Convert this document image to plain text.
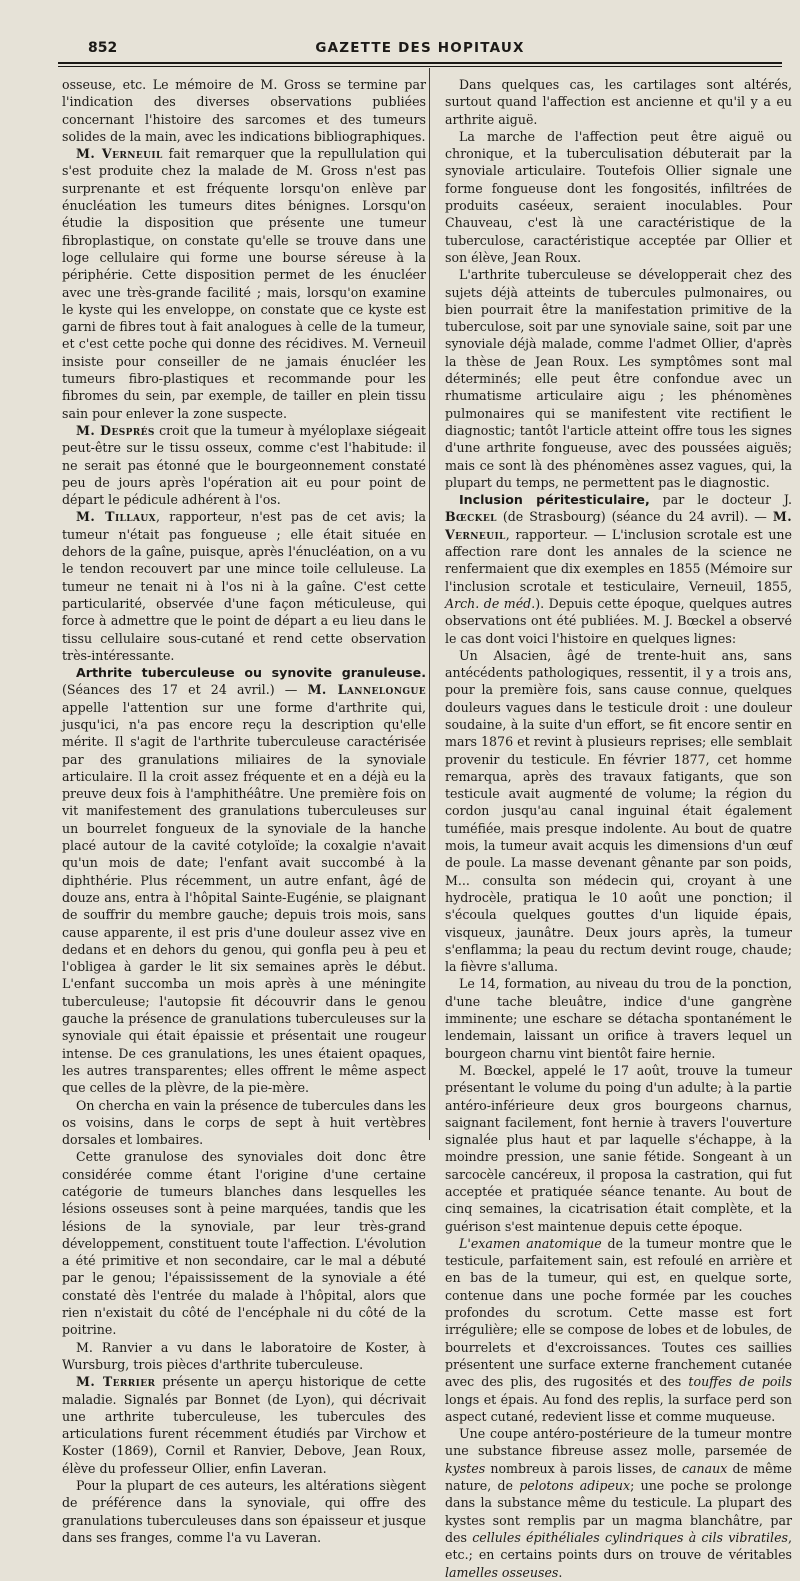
852	GAZETTE DES HOPITAUX

osseuse, etc. Le mémoire de M. Gross se termine par l'indication des diverses observations publiées concernant l'histoire des sarcomes et des tumeurs solides de la main, avec les indications bibliographiques.

M. Verneuil fait remarquer que la repullulation qui s'est produite chez la malade de M. Gross n'est pas surprenante et est fréquente lorsqu'on enlève par énucléation les tumeurs dites bénignes. Lorsqu'on étudie la disposition que présente une tumeur fibroplastique, on constate qu'elle se trouve dans une loge cellulaire qui forme une bourse séreuse à la périphérie. Cette disposition permet de les énucléer avec une très-grande facilité ; mais, lorsqu'on examine le kyste qui les enveloppe, on constate que ce kyste est garni de fibres tout à fait analogues à celle de la tumeur, et c'est cette poche qui donne des récidives. M. Verneuil insiste pour conseiller de ne jamais énucléer les tumeurs fibro-plastiques et recommande pour les fibromes du sein, par exemple, de tailler en plein tissu sain pour enlever la zone suspecte.

M. Després croit que la tumeur à myéloplaxe siégeait peut-être sur le tissu osseux, comme c'est l'habitude: il ne serait pas étonné que le bourgeonnement constaté peu de jours après l'opération ait eu pour point de départ le pédicule adhérent à l'os.

M. Tillaux, rapporteur, n'est pas de cet avis; la tumeur n'était pas fongueuse ; elle était située en dehors de la gaîne, puisque, après l'énucléation, on a vu le tendon recouvert par une mince toile celluleuse. La tumeur ne tenait ni à l'os ni à la gaîne. C'est cette particularité, observée d'une façon méticuleuse, qui force à admettre que le point de départ a eu lieu dans le tissu cellulaire sous-cutané et rend cette observation très-intéressante.

Arthrite tuberculeuse ou synovite granuleuse. (Séances des 17 et 24 avril.) — M. Lannelongue appelle l'attention sur une forme d'arthrite qui, jusqu'ici, n'a pas encore reçu la description qu'elle mérite. Il s'agit de l'arthrite tuberculeuse caractérisée par des granulations miliaires de la synoviale articulaire. Il la croit assez fréquente et en a déjà eu la preuve deux fois à l'amphithéâtre. Une première fois on vit manifestement des granulations tuberculeuses sur un bourrelet fongueux de la synoviale de la hanche placé autour de la cavité cotyloïde; la coxalgie n'avait qu'un mois de date; l'enfant avait succombé à la diphthérie. Plus récemment, un autre enfant, âgé de douze ans, entra à l'hôpital Sainte-Eugénie, se plaignant de souffrir du membre gauche; depuis trois mois, sans cause apparente, il est pris d'une douleur assez vive en dedans et en dehors du genou, qui gonfla peu à peu et l'obligea à garder le lit six semaines après le début. L'enfant succomba un mois après à une méningite tuberculeuse; l'autopsie fit découvrir dans le genou gauche la présence de granulations tuberculeuses sur la synoviale qui était épaissie et présentait une rougeur intense. De ces granulations, les unes étaient opaques, les autres transparentes; elles offrent le même aspect que celles de la plèvre, de la pie-mère.

On chercha en vain la présence de tubercules dans les os voisins, dans le corps de sept à huit vertèbres dorsales et lombaires.

Cette granulose des synoviales doit donc être considérée comme étant l'origine d'une certaine catégorie de tumeurs blanches dans lesquelles les lésions osseuses sont à peine marquées, tandis que les lésions de la synoviale, par leur très-grand développement, constituent toute l'affection. L'évolution a été primitive et non secondaire, car le mal a débuté par le genou; l'épaississement de la synoviale a été constaté dès l'entrée du malade à l'hôpital, alors que rien n'existait du côté de l'encéphale ni du côté de la poitrine.

M. Ranvier a vu dans le laboratoire de Koster, à Wursburg, trois pièces d'arthrite tuberculeuse.

M. Terrier présente un aperçu historique de cette maladie. Signalés par Bonnet (de Lyon), qui décrivait une arthrite tuberculeuse, les tubercules des articulations furent récemment étudiés par Virchow et Koster (1869), Cornil et Ranvier, Debove, Jean Roux, élève du professeur Ollier, enfin Laveran.

Pour la plupart de ces auteurs, les altérations siègent de préférence dans la synoviale, qui offre des granulations tuberculeuses dans son épaisseur et jusque dans ses franges, comme l'a vu Laveran.

Dans quelques cas, les cartilages sont altérés, surtout quand l'affection est ancienne et qu'il y a eu arthrite aiguë.

La marche de l'affection peut être aiguë ou chronique, et la tuberculisation débuterait par la synoviale articulaire. Toutefois Ollier signale une forme fongueuse dont les fongosités, infiltrées de produits caséeux, seraient inoculables. Pour Chauveau, c'est là une caractéristique de la tuberculose, caractéristique acceptée par Ollier et son élève, Jean Roux.

L'arthrite tuberculeuse se développerait chez des sujets déjà atteints de tubercules pulmonaires, ou bien pourrait être la manifestation primitive de la tuberculose, soit par une synoviale saine, soit par une synoviale déjà malade, comme l'admet Ollier, d'après la thèse de Jean Roux. Les symptômes sont mal déterminés; elle peut être confondue avec un rhumatisme articulaire aigu ; les phénomènes pulmonaires qui se manifestent vite rectifient le diagnostic; tantôt l'article atteint offre tous les signes d'une arthrite fongueuse, avec des poussées aiguës; mais ce sont là des phénomènes assez vagues, qui, la plupart du temps, ne permettent pas le diagnostic.

Inclusion péritesticulaire, par le docteur J. Bœckel (de Strasbourg) (séance du 24 avril). — M. Verneuil, rapporteur. — L'inclusion scrotale est une affection rare dont les annales de la science ne renfermaient que dix exemples en 1855 (Mémoire sur l'inclusion scrotale et testiculaire, Verneuil, 1855, Arch. de méd.). Depuis cette époque, quelques autres observations ont été publiées. M. J. Bœckel a observé le cas dont voici l'histoire en quelques lignes:

Un Alsacien, âgé de trente-huit ans, sans antécédents pathologiques, ressentit, il y a trois ans, pour la première fois, sans cause connue, quelques douleurs vagues dans le testicule droit : une douleur soudaine, à la suite d'un effort, se fit encore sentir en mars 1876 et revint à plusieurs reprises; elle semblait provenir du testicule. En février 1877, cet homme remarqua, après des travaux fatigants, que son testicule avait augmenté de volume; la région du cordon jusqu'au canal inguinal était également tuméfiée, mais presque indolente. Au bout de quatre mois, la tumeur avait acquis les dimensions d'un œuf de poule. La masse devenant gênante par son poids, M... consulta son médecin qui, croyant à une hydrocèle, pratiqua le 10 août une ponction; il s'écoula quelques gouttes d'un liquide épais, visqueux, jaunâtre. Deux jours après, la tumeur s'enflamma; la peau du rectum devint rouge, chaude; la fièvre s'alluma.

Le 14, formation, au niveau du trou de la ponction, d'une tache bleuâtre, indice d'une gangrène imminente; une eschare se détacha spontanément le lendemain, laissant un orifice à travers lequel un bourgeon charnu vint bientôt faire hernie.

M. Bœckel, appelé le 17 août, trouve la tumeur présentant le volume du poing d'un adulte; à la partie antéro-inférieure deux gros bourgeons charnus, saignant facilement, font hernie à travers l'ouverture signalée plus haut et par laquelle s'échappe, à la moindre pression, une sanie fétide. Songeant à un sarcocèle cancéreux, il proposa la castration, qui fut acceptée et pratiquée séance tenante. Au bout de cinq semaines, la cicatrisation était complète, et la guérison s'est maintenue depuis cette époque.

L'examen anatomique de la tumeur montre que le testicule, parfaitement sain, est refoulé en arrière et en bas de la tumeur, qui est, en quelque sorte, contenue dans une poche formée par les couches profondes du scrotum. Cette masse est fort irrégulière; elle se compose de lobes et de lobules, de bourrelets et d'excroissances. Toutes ces saillies présentent une surface externe franchement cutanée avec des plis, des rugosités et des touffes de poils longs et épais. Au fond des replis, la surface perd son aspect cutané, redevient lisse et comme muqueuse.

Une coupe antéro-postérieure de la tumeur montre une substance fibreuse assez molle, parsemée de kystes nombreux à parois lisses, de canaux de même nature, de pelotons adipeux; une poche se prolonge dans la substance même du testicule. La plupart des kystes sont remplis par un magma blanchâtre, par des cellules épithéliales cylindriques à cils vibratiles, etc.; en certains points durs on trouve de véritables lamelles osseuses.
